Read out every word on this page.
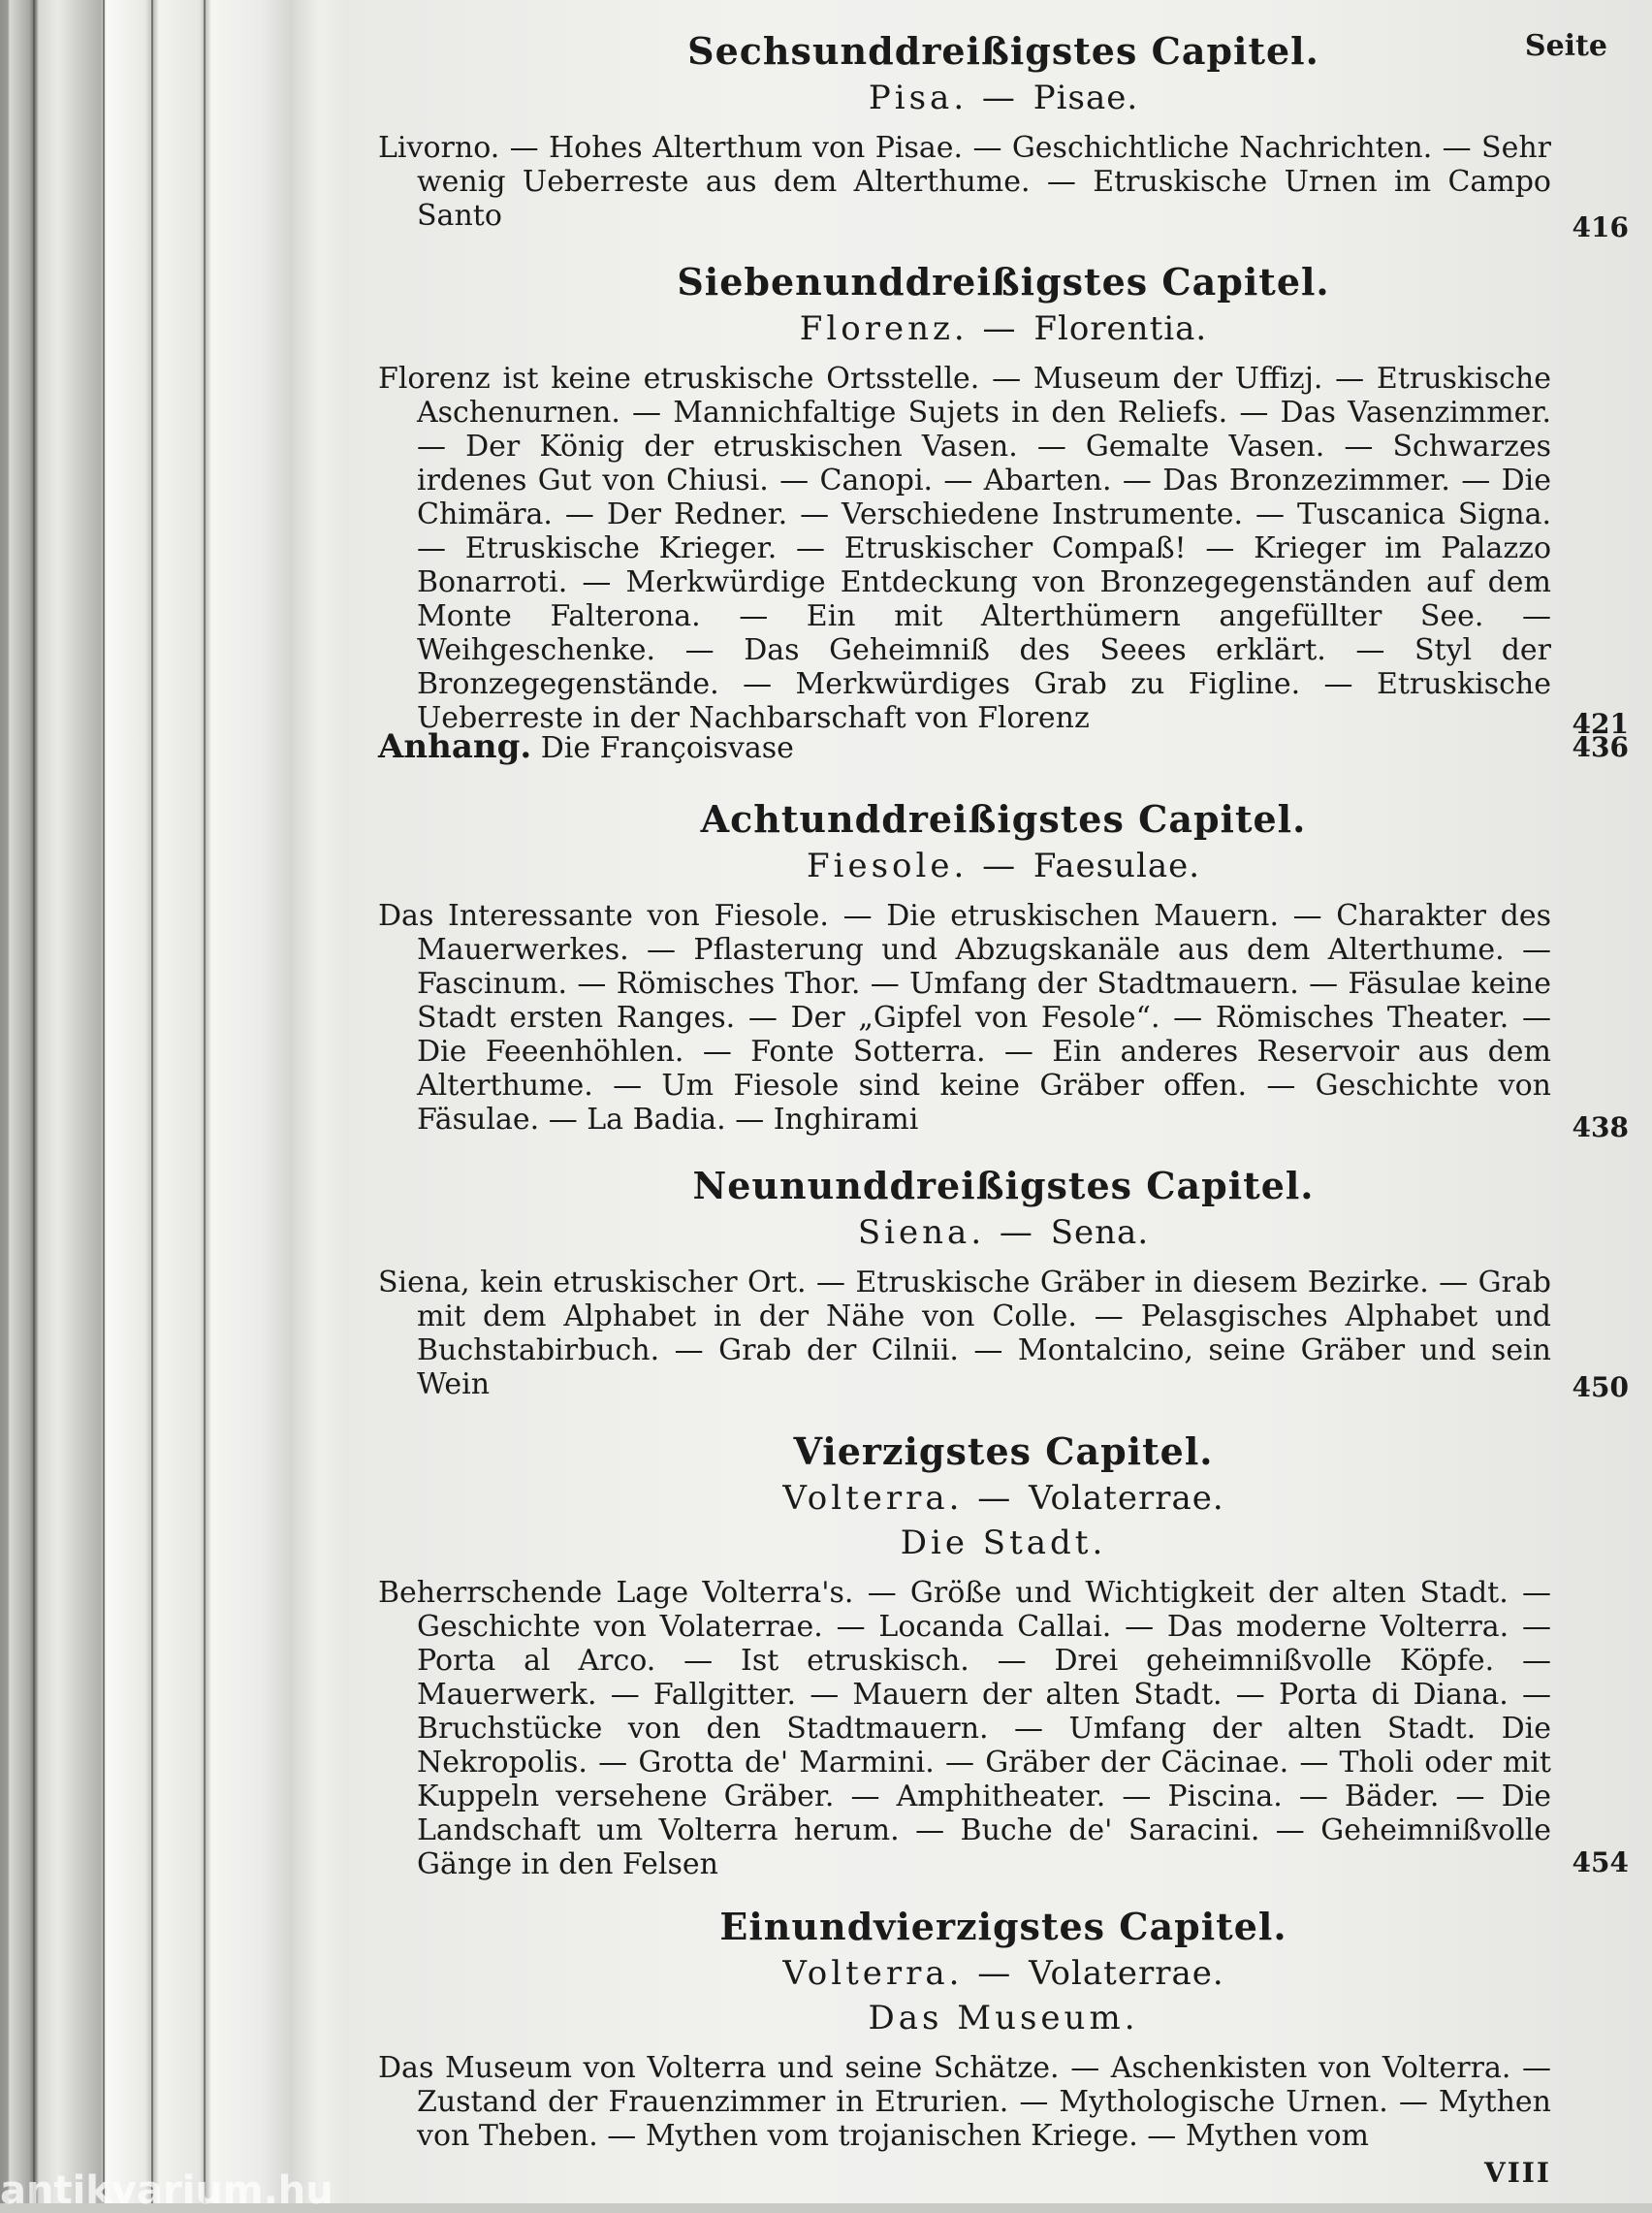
Seite

Sechsunddreißigstes Capitel.

Pisa. — Pisae.

Livorno. — Hohes Alterthum von Pisae. — Geschichtliche Nachrichten. — Sehr wenig Ueberreste aus dem Alterthume. — Etruskische Urnen im Campo Santo	416

Siebenunddreißigstes Capitel.

Florenz. — Florentia.

Florenz ist keine etruskische Ortsstelle. — Museum der Uffizj. — Etruskische Aschenurnen. — Mannichfaltige Sujets in den Reliefs. — Das Vasenzimmer. — Der König der etruskischen Vasen. — Gemalte Vasen. — Schwarzes irdenes Gut von Chiusi. — Canopi. — Abarten. — Das Bronzezimmer. — Die Chimära. — Der Redner. — Verschiedene Instrumente. — Tuscanica Signa. — Etruskische Krieger. — Etruskischer Compaß! — Krieger im Palazzo Bonarroti. — Merkwürdige Entdeckung von Bronzegegenständen auf dem Monte Falterona. — Ein mit Alterthümern angefüllter See. — Weihgeschenke. — Das Geheimniß des Seees erklärt. — Styl der Bronzegegenstände. — Merkwürdiges Grab zu Figline. — Etruskische Ueberreste in der Nachbarschaft von Florenz	421
Anhang. Die Françoisvase	436

Achtunddreißigstes Capitel.

Fiesole. — Faesulae.

Das Interessante von Fiesole. — Die etruskischen Mauern. — Charakter des Mauerwerkes. — Pflasterung und Abzugskanäle aus dem Alterthume. — Fascinum. — Römisches Thor. — Umfang der Stadtmauern. — Fäsulae keine Stadt ersten Ranges. — Der „Gipfel von Fesole“. — Römisches Theater. — Die Feeenhöhlen. — Fonte Sotterra. — Ein anderes Reservoir aus dem Alterthume. — Um Fiesole sind keine Gräber offen. — Geschichte von Fäsulae. — La Badia. — Inghirami	438

Neununddreißigstes Capitel.

Siena. — Sena.

Siena, kein etruskischer Ort. — Etruskische Gräber in diesem Bezirke. — Grab mit dem Alphabet in der Nähe von Colle. — Pelasgisches Alphabet und Buchstabirbuch. — Grab der Cilnii. — Montalcino, seine Gräber und sein Wein	450

Vierzigstes Capitel.

Volterra. — Volaterrae.

Die Stadt.

Beherrschende Lage Volterra's. — Größe und Wichtigkeit der alten Stadt. — Geschichte von Volaterrae. — Locanda Callai. — Das moderne Volterra. — Porta al Arco. — Ist etruskisch. — Drei geheimnißvolle Köpfe. — Mauerwerk. — Fallgitter. — Mauern der alten Stadt. — Porta di Diana. — Bruchstücke von den Stadtmauern. — Umfang der alten Stadt. Die Nekropolis. — Grotta de' Marmini. — Gräber der Cäcinae. — Tholi oder mit Kuppeln versehene Gräber. — Amphitheater. — Piscina. — Bäder. — Die Landschaft um Volterra herum. — Buche de' Saracini. — Geheimnißvolle Gänge in den Felsen	454

Einundvierzigstes Capitel.

Volterra. — Volaterrae.

Das Museum.

Das Museum von Volterra und seine Schätze. — Aschenkisten von Volterra. — Zustand der Frauenzimmer in Etrurien. — Mythologische Urnen. — Mythen von Theben. — Mythen vom trojanischen Kriege. — Mythen vom

VIII
antikvarium.hu
